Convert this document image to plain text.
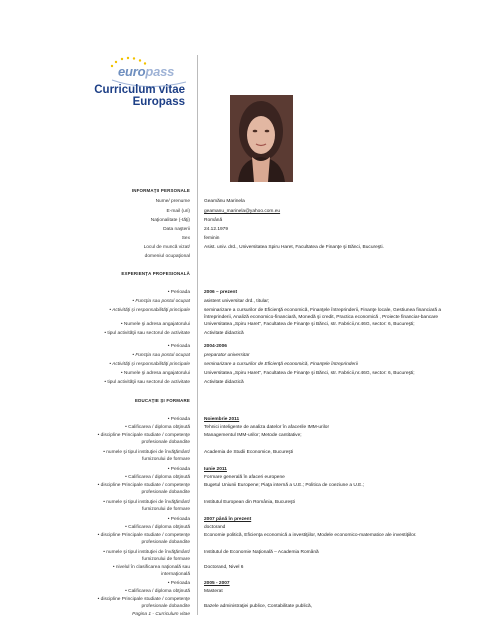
europass
Curriculum vitae
Europass
INFORMAŢII PERSONALE
Nume/ prenume	Geamănu Marinela
E-mail (uri)	geamanu_marinela@yahoo.com.eu
Naţionalitate (-tăţi)	Română
Data naşterii	24.12.1979
Sex	feminin
Locul de muncă vizat/	Asist. univ. drd., Universitatea Spiru Haret, Facultatea de Finanţe şi Bănci, Bucureşti.
domeniul ocupaţional
EXPERIENŢA PROFESIONALĂ
• Perioada	2006 – prezent
• Funcţia sau postul ocupat	asistent universitar drd., titular;
• Activităţi şi responsabilităţi principale	seminarizare a cursurilor de Eficienţă economică, Finanţele întreprinderii, Finanţe locale, Gestiunea financiară a
întreprinderii, Analiză economico-financiară, Monedă şi credit, Practica economică , Proiecte financiar-bancare
• Numele şi adresa angajatorului	Universitatea „Spiru Haret”, Facultatea de Finanţe şi Bănci, str. Fabricii,nr.46G, sector: 6, Bucureşti;
• tipul activităţii sau sectorul de activitate	Activitate didactică
• Perioada	2004-2006
• Funcţia sau postul ocupat	preparator universitar
• Activităţi şi responsabilităţi principale	seminarizare a cursurilor de Eficienţă economică, Finanţele întreprinderii
• Numele şi adresa angajatorului	Universitatea „Spiru Haret”, Facultatea de Finanţe şi Bănci, str. Fabricii,nr.46G, sector: 6, Bucureşti;
• tipul activităţii sau sectorul de activitate	Activitate didactică
EDUCAŢIE ŞI FORMARE
• Perioada	Noiembrie 2011
• Calificarea / diploma obţinută	Tehnici inteligente de analiza datelor în afacerile IMM-urilor
• discipline Principale studiate / competenţe	Managementul IMM-urilor; Metode cantitative;
profesionale dobandite
• numele şi tipul instituţiei de învăţământ/	Academia de Studii Economice, Bucureşti
furnizorului de formare
• Perioada	Iunie 2011
• Calificarea / diploma obţinută	Formare generală în afaceri europene
• discipline Principale studiate / competenţe	Bugetul Uniunii Europene; Piaţa internă a U.E.; Politica de coeziune a U.E.;
profesionale dobandite
• numele şi tipul instituţiei de învăţământ/	Institutul European din România, Bucureşti
furnizorului de formare
• Perioada	2007 până în prezent
• Calificarea / diploma obţinută	doctorand
• discipline Principale studiate / competenţe	Economie politică, Eficienţa economică a investiţiilor, Modele economico-matematice ale investiţiilor.
profesionale dobandite
• numele şi tipul instituţiei de învăţământ/	Institutul de Economie Naţională – Academia Română
furnizorului de formare
• nivelul în clasificarea naţională sau	Doctorand, Nivel 6
internaţională
• Perioada	2005 - 2007
• Calificarea / diploma obţinută	Masterat
• discipline Principale studiate / competenţe
profesionale dobandite	Bazele administraţiei publice, Contabilitate publică,
Pagina 1 - Curriculum vitae
